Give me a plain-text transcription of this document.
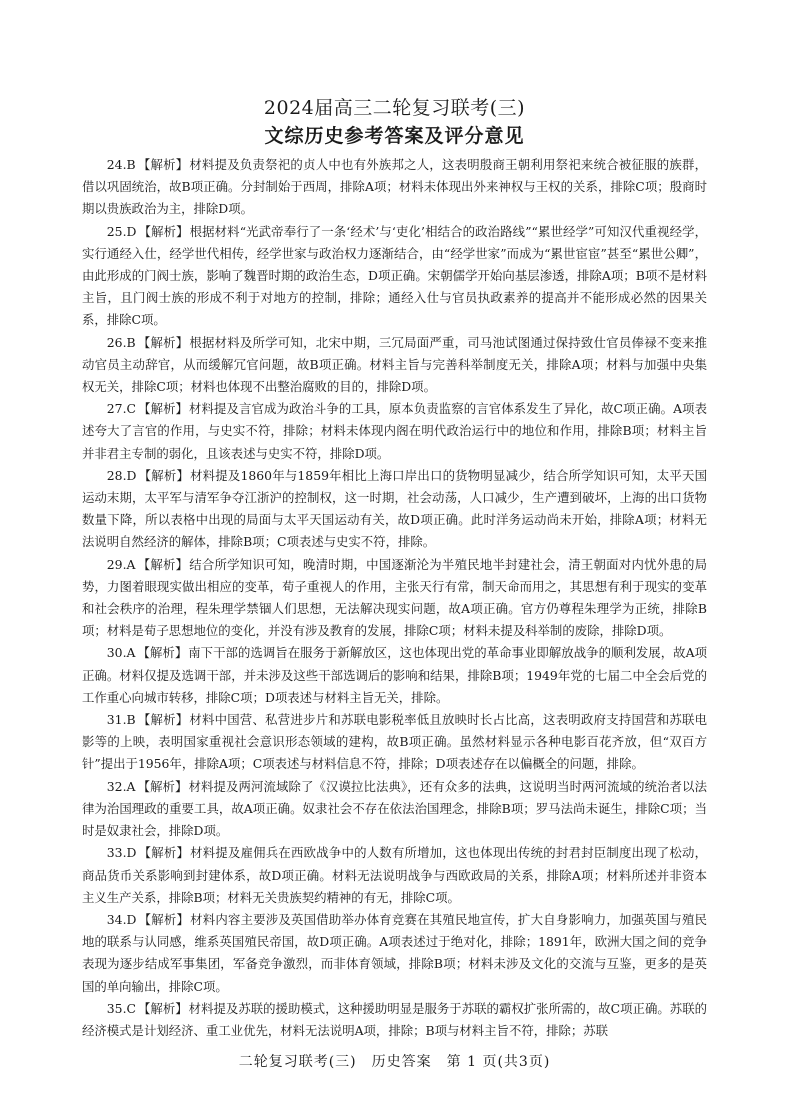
2024届高三二轮复习联考(三)
文综历史参考答案及评分意见

24.B 【解析】材料提及负责祭祀的贞人中也有外族邦之人，这表明殷商王朝利用祭祀来统合被征服的族群，借以巩固统治，故B项正确。分封制始于西周，排除A项；材料未体现出外来神权与王权的关系，排除C项；殷商时期以贵族政治为主，排除D项。

25.D 【解析】根据材料“光武帝奉行了一条‘经术’与‘吏化’相结合的政治路线”“累世经学”可知汉代重视经学，实行通经入仕，经学世代相传，经学世家与政治权力逐渐结合，由“经学世家”而成为“累世宦宦”甚至“累世公卿”，由此形成的门阀士族，影响了魏晋时期的政治生态，D项正确。宋朝儒学开始向基层渗透，排除A项；B项不是材料主旨，且门阀士族的形成不利于对地方的控制，排除；通经入仕与官员执政素养的提高并不能形成必然的因果关系，排除C项。

26.B 【解析】根据材料及所学可知，北宋中期，三冗局面严重，司马池试图通过保持致仕官员俸禄不变来推动官员主动辞官，从而缓解冗官问题，故B项正确。材料主旨与完善科举制度无关，排除A项；材料与加强中央集权无关，排除C项；材料也体现不出整治腐败的目的，排除D项。

27.C 【解析】材料提及言官成为政治斗争的工具，原本负责监察的言官体系发生了异化，故C项正确。A项表述夸大了言官的作用，与史实不符，排除；材料未体现内阁在明代政治运行中的地位和作用，排除B项；材料主旨并非君主专制的弱化，且该表述与史实不符，排除D项。

28.D 【解析】材料提及1860年与1859年相比上海口岸出口的货物明显减少，结合所学知识可知，太平天国运动末期，太平军与清军争夺江浙沪的控制权，这一时期，社会动荡，人口减少，生产遭到破坏，上海的出口货物数量下降，所以表格中出现的局面与太平天国运动有关，故D项正确。此时洋务运动尚未开始，排除A项；材料无法说明自然经济的解体，排除B项；C项表述与史实不符，排除。

29.A 【解析】结合所学知识可知，晚清时期，中国逐渐沦为半殖民地半封建社会，清王朝面对内忧外患的局势，力图着眼现实做出相应的变革，荀子重视人的作用，主张天行有常，制天命而用之，其思想有利于现实的变革和社会秩序的治理，程朱理学禁锢人们思想，无法解决现实问题，故A项正确。官方仍尊程朱理学为正统，排除B项；材料是荀子思想地位的变化，并没有涉及教育的发展，排除C项；材料未提及科举制的废除，排除D项。

30.A 【解析】南下干部的选调旨在服务于新解放区，这也体现出党的革命事业即解放战争的顺利发展，故A项正确。材料仅提及选调干部，并未涉及这些干部选调后的影响和结果，排除B项；1949年党的七届二中全会后党的工作重心向城市转移，排除C项；D项表述与材料主旨无关，排除。

31.B 【解析】材料中国营、私营进步片和苏联电影税率低且放映时长占比高，这表明政府支持国营和苏联电影等的上映，表明国家重视社会意识形态领域的建构，故B项正确。虽然材料显示各种电影百花齐放，但“双百方针”提出于1956年，排除A项；C项表述与材料信息不符，排除；D项表述存在以偏概全的问题，排除。

32.A 【解析】材料提及两河流域除了《汉谟拉比法典》，还有众多的法典，这说明当时两河流域的统治者以法律为治国理政的重要工具，故A项正确。奴隶社会不存在依法治国理念，排除B项；罗马法尚未诞生，排除C项；当时是奴隶社会，排除D项。

33.D 【解析】材料提及雇佣兵在西欧战争中的人数有所增加，这也体现出传统的封君封臣制度出现了松动，商品货币关系影响到封建体系，故D项正确。材料无法说明战争与西欧政局的关系，排除A项；材料所述并非资本主义生产关系，排除B项；材料无关贵族契约精神的有无，排除C项。

34.D 【解析】材料内容主要涉及英国借助举办体育竞赛在其殖民地宣传，扩大自身影响力，加强英国与殖民地的联系与认同感，维系英国殖民帝国，故D项正确。A项表述过于绝对化，排除；1891年，欧洲大国之间的竞争表现为逐步结成军事集团，军备竞争激烈，而非体育领域，排除B项；材料未涉及文化的交流与互鉴，更多的是英国的单向输出，排除C项。

35.C 【解析】材料提及苏联的援助模式，这种援助明显是服务于苏联的霸权扩张所需的，故C项正确。苏联的经济模式是计划经济、重工业优先，材料无法说明A项，排除；B项与材料主旨不符，排除；苏联

二轮复习联考(三)　历史答案　第 1 页(共3页)
